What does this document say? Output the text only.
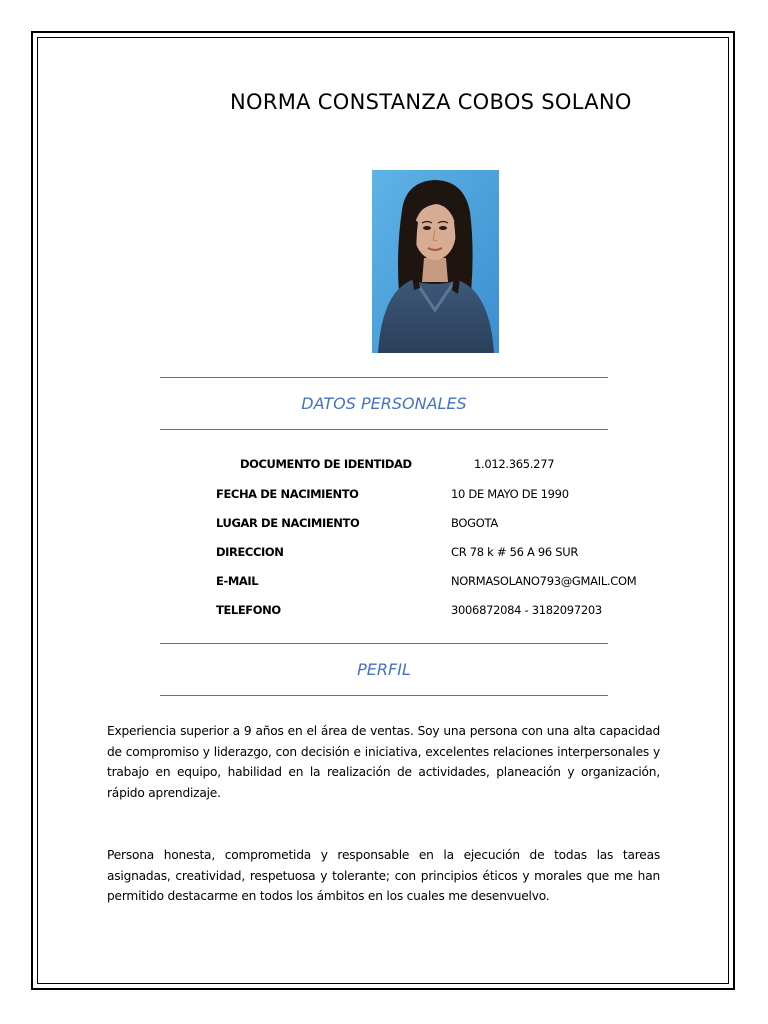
NORMA CONSTANZA COBOS SOLANO
DATOS PERSONALES
DOCUMENTO DE IDENTIDAD	1.012.365.277
FECHA DE NACIMIENTO	10 DE MAYO DE 1990
LUGAR DE NACIMIENTO	BOGOTA
DIRECCION	CR 78 k # 56 A 96 SUR
E-MAIL	NORMASOLANO793@GMAIL.COM
TELEFONO	3006872084 - 3182097203
PERFIL
Experiencia superior a 9 años en el área de ventas. Soy una persona con una alta capacidad de compromiso y liderazgo, con decisión e iniciativa, excelentes relaciones interpersonales y trabajo en equipo, habilidad en la realización de actividades, planeación y organización, rápido aprendizaje.
Persona honesta, comprometida y responsable en la ejecución de todas las tareas asignadas, creatividad, respetuosa y tolerante; con principios éticos y morales que me han permitido destacarme en todos los ámbitos en los cuales me desenvuelvo.
